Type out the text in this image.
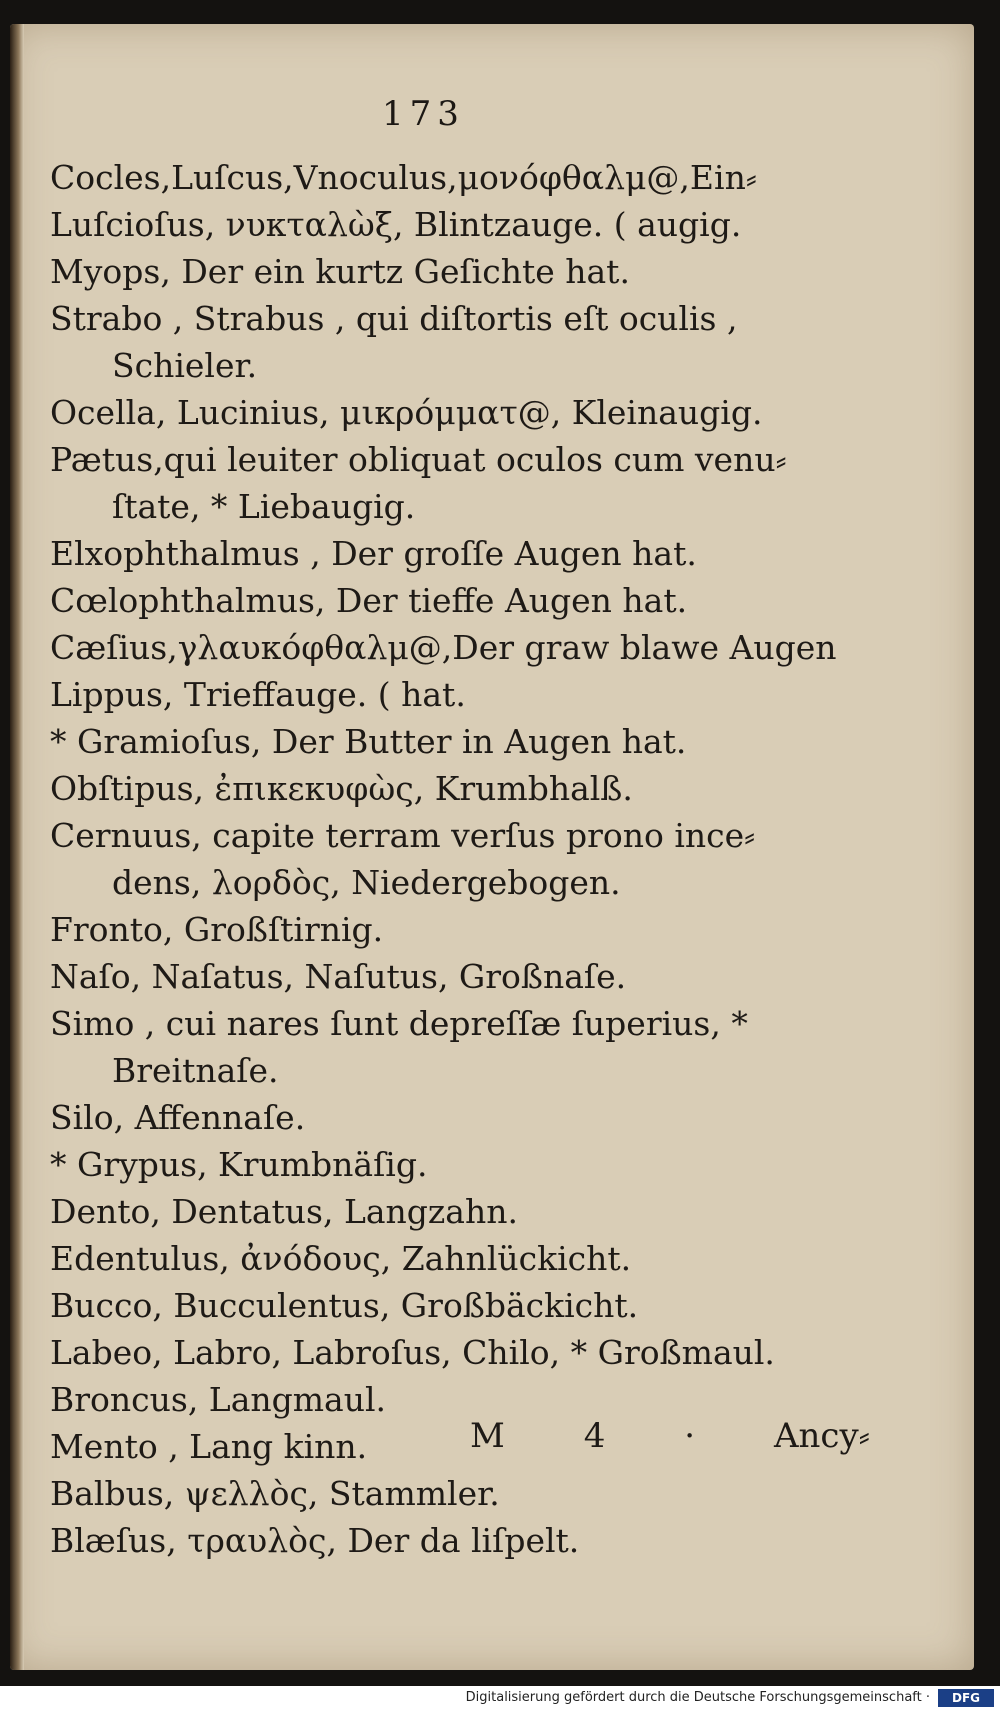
173
Cocles,Luſcus,Vnoculus,μονόφθαλμ@,Ein⸗
Luſcioſus, νυκταλὼξ, Blintzauge. ( augig.
Myops, Der ein kurtz Geſichte hat.
Strabo , Strabus , qui diſtortis eſt oculis ,
Schieler.
Ocella, Lucinius, μικρόμματ@, Kleinaugig.
Pætus,qui leuiter obliquat oculos cum venu⸗
ſtate, * Liebaugig.
Elxophthalmus , Der groſſe Augen hat.
Cœlophthalmus, Der tieffe Augen hat.
Cæſius,γλαυκόφθαλμ@,Der graw blawe Augen
Lippus, Trieffauge. ( hat.
* Gramioſus, Der Butter in Augen hat.
Obſtipus, ἐπικεκυφὼς, Krumbhalß.
Cernuus, capite terram verſus prono ince⸗
dens, λορδὸς, Niedergebogen.
Fronto, Großſtirnig.
Naſo, Naſatus, Naſutus, Großnaſe.
Simo , cui nares ſunt depreſſæ ſuperius, *
Breitnaſe.
Silo, Affennaſe.
* Grypus, Krumbnäſig.
Dento, Dentatus, Langzahn.
Edentulus, ἀνόδους, Zahnlückicht.
Bucco, Bucculentus, Großbäckicht.
Labeo, Labro, Labroſus, Chilo, * Großmaul.
Broncus, Langmaul.
Mento , Lang kinn.
Balbus, ψελλὸς, Stammler.
Blæſus, τραυλὸς, Der da liſpelt.
M 4 · Ancy⸗
Digitalisierung gefördert durch die Deutsche Forschungsgemeinschaft ·	DFG
